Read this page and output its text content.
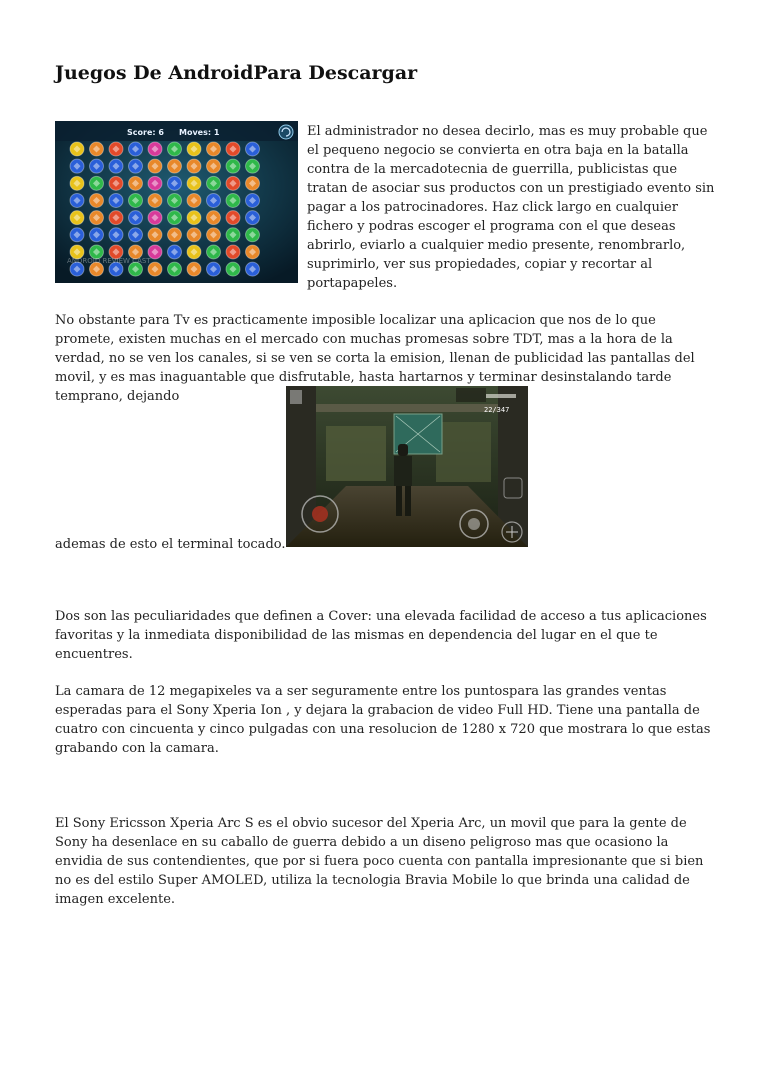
Juegos De AndroidPara Descargar
Score: 6 Moves: 1
ANDROID REVIEW CAST

El administrador no desea decirlo, mas es muy probable que el pequeno negocio se convierta en otra baja en la batalla contra de la mercadotecnia de guerrilla, publicistas que tratan de asociar sus productos con un prestigiado evento sin pagar a los patrocinadores. Haz click largo en cualquier fichero y podras escoger el programa con el que deseas abrirlo, eviarlo a cualquier medio presente, renombrarlo, suprimirlo, ver sus propiedades, copiar y recortar al portapapeles.

No obstante para Tv es practicamente imposible localizar una aplicacion que nos de lo que promete, existen muchas en el mercado con muchas promesas sobre TDT, mas a la hora de la verdad, no se ven los canales, si se ven se corta la emision, llenan de publicidad las pantallas del movil, y es mas inaguantable que disfrutable, hasta hartarnos y terminar desinstalando tarde temprano, dejando

22/347

ademas de esto el terminal tocado.

Dos son las peculiaridades que definen a Cover: una elevada facilidad de acceso a tus aplicaciones favoritas y la inmediata disponibilidad de las mismas en dependencia del lugar en el que te encuentres.

La camara de 12 megapixeles va a ser seguramente entre los puntospara las grandes ventas esperadas para el Sony Xperia Ion , y dejara la grabacion de video Full HD. Tiene una pantalla de cuatro con cincuenta y cinco pulgadas con una resolucion de 1280 x 720 que mostrara lo que estas grabando con la camara.

El Sony Ericsson Xperia Arc S es el obvio sucesor del Xperia Arc, un movil que para la gente de Sony ha desenlace en su caballo de guerra debido a un diseno peligroso mas que ocasiono la envidia de sus contendientes, que por si fuera poco cuenta con pantalla impresionante que si bien no es del estilo Super AMOLED, utiliza la tecnologia Bravia Mobile lo que brinda una calidad de imagen excelente.
